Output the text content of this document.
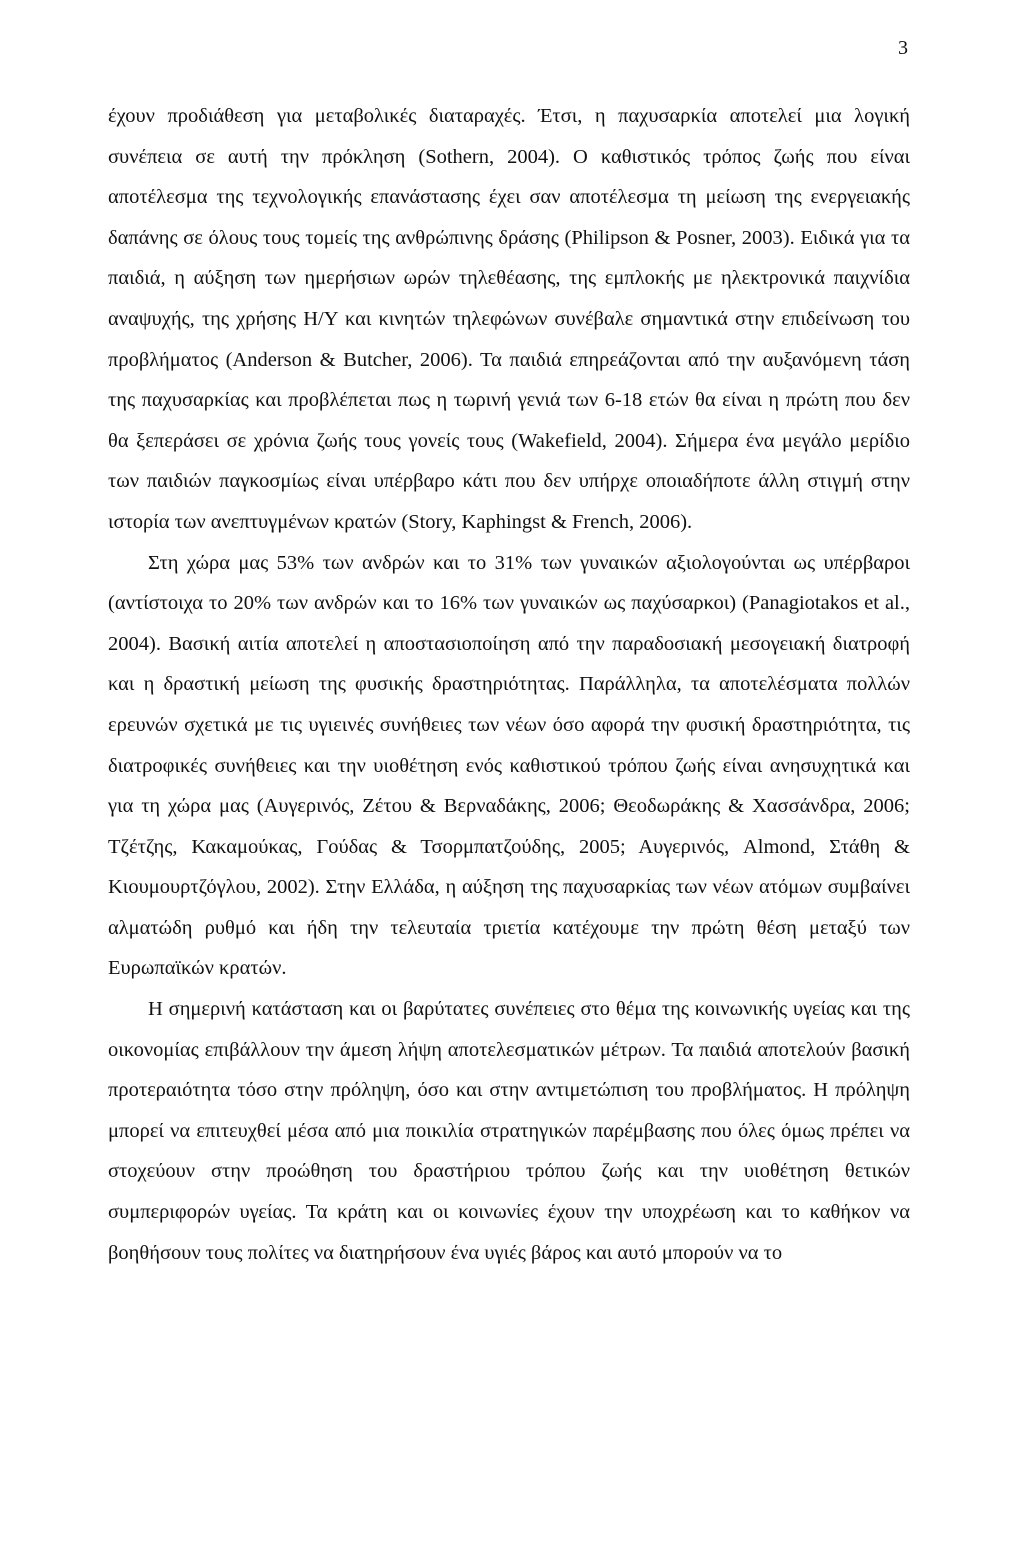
3

έχουν προδιάθεση για μεταβολικές διαταραχές. Έτσι, η παχυσαρκία αποτελεί μια λογική συνέπεια σε αυτή την πρόκληση (Sothern, 2004). Ο καθιστικός τρόπος ζωής που είναι αποτέλεσμα της τεχνολογικής επανάστασης έχει σαν αποτέλεσμα τη μείωση της ενεργειακής δαπάνης σε όλους τους τομείς της ανθρώπινης δράσης (Philipson & Posner, 2003). Ειδικά για τα παιδιά, η αύξηση των ημερήσιων ωρών τηλεθέασης, της εμπλοκής με ηλεκτρονικά παιχνίδια αναψυχής, της χρήσης Η/Υ και κινητών τηλεφώνων συνέβαλε σημαντικά στην επιδείνωση του προβλήματος (Anderson & Butcher, 2006). Τα παιδιά επηρεάζονται από την αυξανόμενη τάση της παχυσαρκίας και προβλέπεται πως η τωρινή γενιά των 6-18 ετών θα είναι η πρώτη που δεν θα ξεπεράσει σε χρόνια ζωής τους γονείς τους (Wakefield, 2004). Σήμερα ένα μεγάλο μερίδιο των παιδιών παγκοσμίως είναι υπέρβαρο κάτι που δεν υπήρχε οποιαδήποτε άλλη στιγμή στην ιστορία των ανεπτυγμένων κρατών (Story, Kaphingst & French, 2006).

Στη χώρα μας 53% των ανδρών και το 31% των γυναικών αξιολογούνται ως υπέρβαροι (αντίστοιχα το 20% των ανδρών και το 16% των γυναικών ως παχύσαρκοι) (Panagiotakos et al., 2004). Βασική αιτία αποτελεί η αποστασιοποίηση από την παραδοσιακή μεσογειακή διατροφή και η δραστική μείωση της φυσικής δραστηριότητας. Παράλληλα, τα αποτελέσματα πολλών ερευνών σχετικά με τις υγιεινές συνήθειες των νέων όσο αφορά την φυσική δραστηριότητα, τις διατροφικές συνήθειες και την υιοθέτηση ενός καθιστικού τρόπου ζωής είναι ανησυχητικά και για τη χώρα μας (Αυγερινός, Ζέτου & Βερναδάκης, 2006; Θεοδωράκης & Χασσάνδρα, 2006; Τζέτζης, Κακαμούκας, Γούδας & Τσορμπατζούδης, 2005; Αυγερινός, Almond, Στάθη & Κιουμουρτζόγλου, 2002). Στην Ελλάδα, η αύξηση της παχυσαρκίας των νέων ατόμων συμβαίνει αλματώδη ρυθμό και ήδη την τελευταία τριετία κατέχουμε την πρώτη θέση μεταξύ των Ευρωπαϊκών κρατών.

Η σημερινή κατάσταση και οι βαρύτατες συνέπειες στο θέμα της κοινωνικής υγείας και της οικονομίας επιβάλλουν την άμεση λήψη αποτελεσματικών μέτρων. Τα παιδιά αποτελούν βασική προτεραιότητα τόσο στην πρόληψη, όσο και στην αντιμετώπιση του προβλήματος. Η πρόληψη μπορεί να επιτευχθεί μέσα από μια ποικιλία στρατηγικών παρέμβασης που όλες όμως πρέπει να στοχεύουν στην προώθηση του δραστήριου τρόπου ζωής και την υιοθέτηση θετικών συμπεριφορών υγείας. Τα κράτη και οι κοινωνίες έχουν την υποχρέωση και το καθήκον να βοηθήσουν τους πολίτες να διατηρήσουν ένα υγιές βάρος και αυτό μπορούν να το
